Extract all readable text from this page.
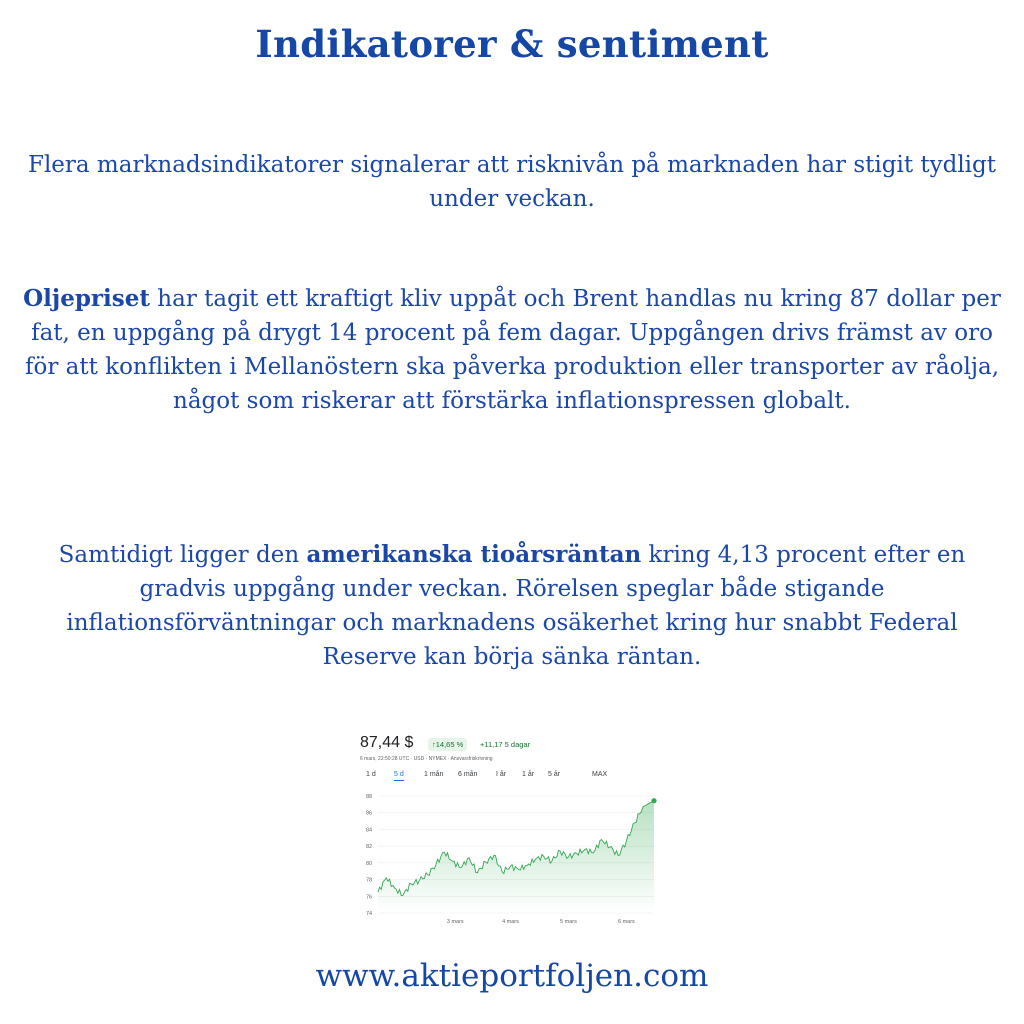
Indikatorer & sentiment
Flera marknadsindikatorer signalerar att risknivån på marknaden har stigit tydligt under veckan.
Oljepriset har tagit ett kraftigt kliv uppåt och Brent handlas nu kring 87 dollar per fat, en uppgång på drygt 14 procent på fem dagar. Uppgången drivs främst av oro för att konflikten i Mellanöstern ska påverka produktion eller transporter av råolja, något som riskerar att förstärka inflationspressen globalt.
Samtidigt ligger den amerikanska tioårsräntan kring 4,13 procent efter en gradvis uppgång under veckan. Rörelsen speglar både stigande inflationsförväntningar och marknadens osäkerhet kring hur snabbt Federal Reserve kan börja sänka räntan.
74
76
78
80
82
84
86
88
3 mars	4 mars	5 mars	6 mars
87,44 $	↑14,65 %	+11,17 5 dagar
6 mars, 22:50:28 UTC · USD · NYMEX · Ansvarsfriskrivning
1 d	5 d	1 mån 6 mån	I år 1 år 5 år	MAX
www.aktieportfoljen.com
